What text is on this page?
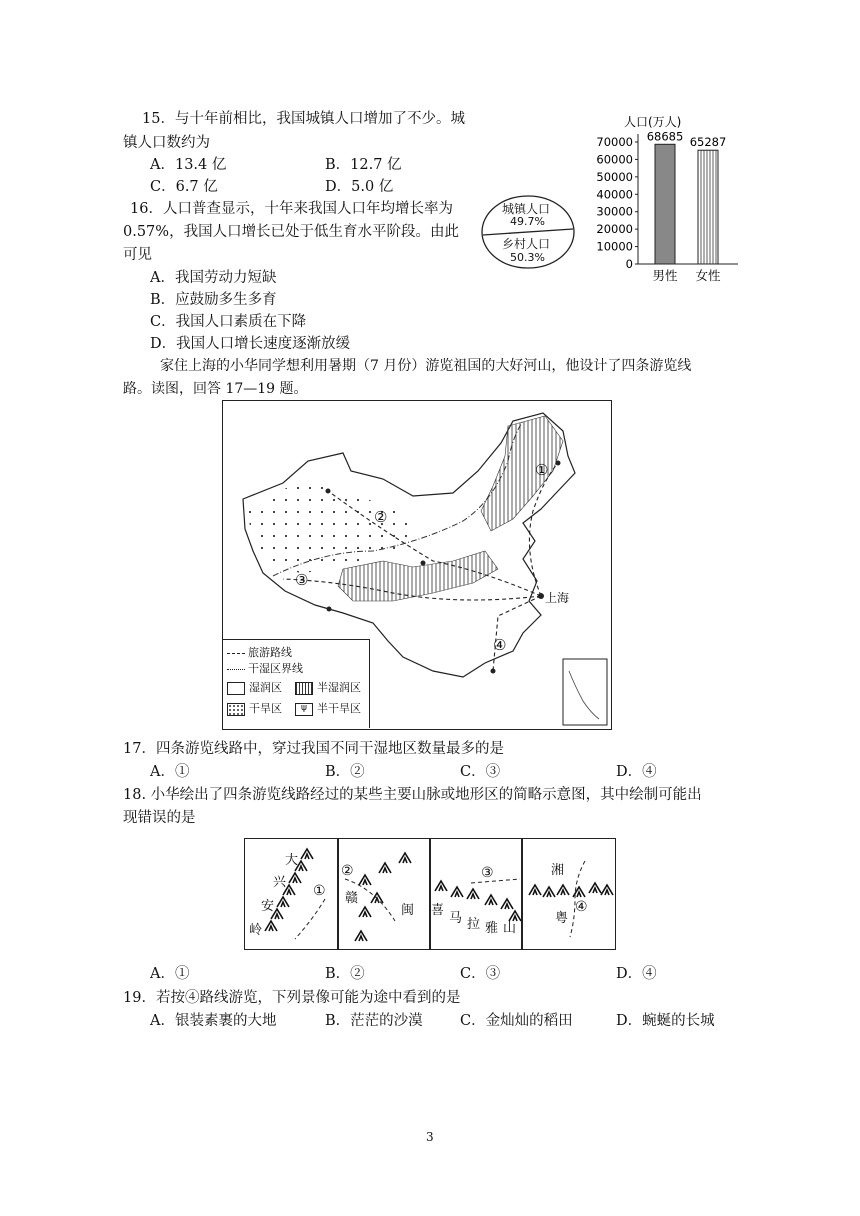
15．与十年前相比，我国城镇人口增加了不少。城
镇人口数约为
A．13.4 亿	B．12.7 亿
C．6.7 亿	D．5.0 亿
16．人口普查显示，十年来我国人口年均增长率为
0.57%，我国人口增长已处于低生育水平阶段。由此
可见
A．我国劳动力短缺
B．应鼓励多生多育
C．我国人口素质在下降
D．我国人口增长速度逐渐放缓
城镇人口
49.7%
乡村人口
50.3%
人口(万人)
0
10000
20000
30000
40000
50000
60000
70000 68685
男性
65287
女性
家住上海的小华同学想利用暑期（7 月份）游览祖国的大好河山，他设计了四条游览线
路。读图，回答 17—19 题。
①
②
③
④
上海
旅游路线
干湿区界线
湿润区	半湿润区
干旱区	ψ 半干旱区
17．四条游览线路中，穿过我国不同干湿地区数量最多的是
A．①	B．②	C．③	D．④
18. 小华绘出了四条游览线路经过的某些主要山脉或地形区的简略示意图，其中绘制可能出
现错误的是
①
大
兴
安
岭
②
赣
闽
③
喜
马 拉 雅 山
湘
粤
④
A．①	B．②	C．③	D．④
19．若按④路线游览，下列景像可能为途中看到的是
A．银装素裹的大地	B．茫茫的沙漠	C．金灿灿的稻田	D．蜿蜒的长城
3
